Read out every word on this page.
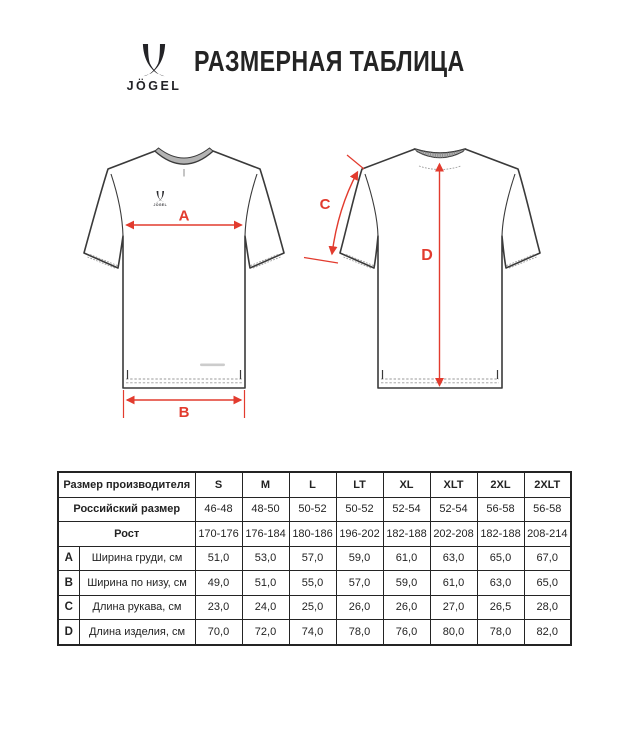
JÖGEL
РАЗМЕРНАЯ ТАБЛИЦА
JÖGEL
A
B
D
C
Размер производителя		S	M	L	LT	XL	XLT	2XL	2XLT
Российский размер		46-48	48-50	50-52	50-52	52-54	52-54	56-58	56-58
Рост		170-176	176-184	180-186	196-202	182-188	202-208	182-188	208-214
A	Ширина груди, см	51,0	53,0	57,0	59,0	61,0	63,0	65,0	67,0
B	Ширина по низу, см	49,0	51,0	55,0	57,0	59,0	61,0	63,0	65,0
C	Длина рукава, см	23,0	24,0	25,0	26,0	26,0	27,0	26,5	28,0
D	Длина изделия, см	70,0	72,0	74,0	78,0	76,0	80,0	78,0	82,0
